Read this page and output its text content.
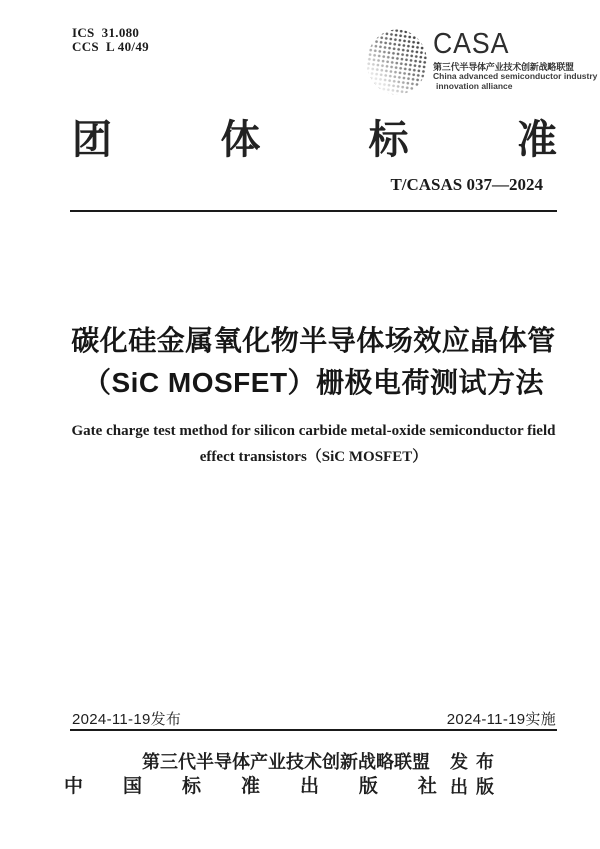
ICS  31.080
CCS  L 40/49	CASA
第三代半导体产业技术创新战略联盟
China advanced semiconductor industry
innovation alliance
团	体	标	准
T/CASAS 037—2024
碳化硅金属氧化物半导体场效应晶体管
（SiC MOSFET）栅极电荷测试方法
Gate charge test method for silicon carbide metal-oxide semiconductor field
effect transistors（SiC MOSFET）
2024-11-19发布	2024-11-19实施
第三代半导体产业技术创新战略联盟 发 布
中 国 标 准 出 版 社 出 版
